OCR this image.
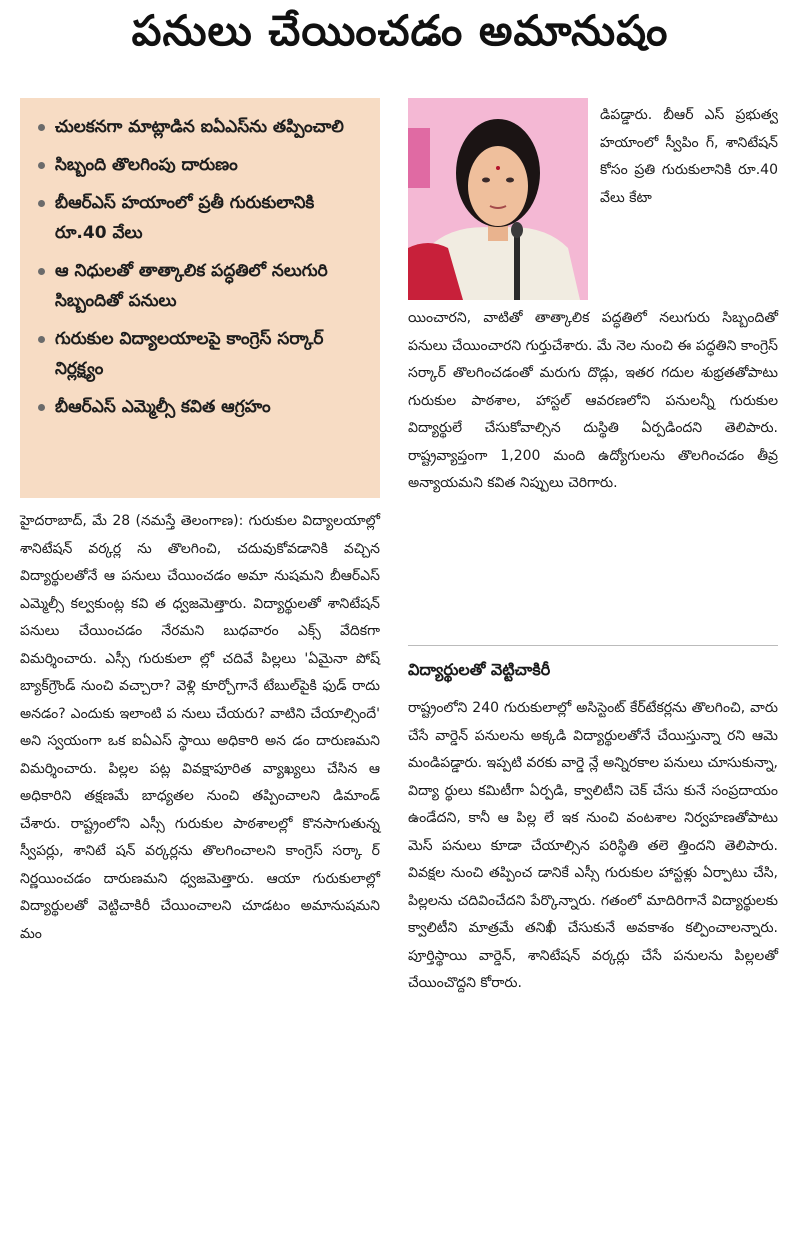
పనులు చేయించడం అమానుషం
చులకనగా మాట్లాడిన ఐఏఎస్‌ను తప్పించాలి
సిబ్బంది తొలగింపు దారుణం
బీఆర్ఎస్ హయాంలో ప్రతీ గురుకులానికి రూ.40 వేలు
ఆ నిధులతో తాత్కాలిక పద్ధతిలో నలుగురి సిబ్బందితో పనులు
గురుకుల విద్యాలయాలపై కాంగ్రెస్ సర్కార్ నిర్లక్ష్యం
బీఆర్ఎస్ ఎమ్మెల్సీ కవిత ఆగ్రహం

డిపడ్డారు. బీఆర్ ఎస్ ప్రభుత్వ హయాంలో స్వీపిం గ్, శానిటేషన్ కోసం ప్రతి గురుకులానికి రూ.40 వేలు కేటా

యించారని, వాటితో తాత్కాలిక పద్ధతిలో నలుగురు సిబ్బందితో పనులు చేయించారని గుర్తుచేశారు. మే నెల నుంచి ఈ పద్ధతిని కాంగ్రెస్ సర్కార్ తొలగించడంతో మరుగు దొడ్లు, ఇతర గదుల శుభ్రతతోపాటు గురుకుల పాఠశాల, హాస్టల్ ఆవరణలోని పనులన్నీ గురుకుల విద్యార్థులే చేసుకోవాల్సిన దుస్థితి ఏర్పడిందని తెలిపారు. రాష్ట్రవ్యాప్తంగా 1,200 మంది ఉద్యోగులను తొలగించడం తీవ్ర అన్యాయమని కవిత నిప్పులు చెరిగారు.

విద్యార్థులతో వెట్టిచాకిరీ

రాష్ట్రంలోని 240 గురుకులాల్లో అసిస్టెంట్ కేర్‌టేకర్లను తొలగించి, వారు చేసే వార్డెన్ పనులను అక్కడి విద్యార్థులతోనే చేయిస్తున్నా రని ఆమె మండిపడ్డారు. ఇప్పటి వరకు వార్డె న్లే అన్నిరకాల పనులు చూసుకున్నా, విద్యా ర్థులు కమిటీగా ఏర్పడి, క్వాలిటీని చెక్ చేసు కునే సంప్రదాయం ఉండేదని, కానీ ఆ పిల్ల లే ఇక నుంచి వంటశాల నిర్వహణతోపాటు మెస్ పనులు కూడా చేయాల్సిన పరిస్థితి తలె త్తిందని తెలిపారు. వివక్షల నుంచి తప్పించ డానికే ఎస్సీ గురుకుల హాస్టళ్లు ఏర్పాటు చేసి, పిల్లలను చదివించేదని పేర్కొన్నారు. గతంలో మాదిరిగానే విద్యార్థులకు క్వాలిటీని మాత్రమే తనిఖీ చేసుకునే అవకాశం కల్పించాలన్నారు. పూర్తిస్థాయి వార్డెన్, శానిటేషన్ వర్కర్లు చేసే పనులను పిల్లలతో చేయించొద్దని కోరారు.

హైదరాబాద్, మే 28 (నమస్తే తెలంగాణ): గురుకుల విద్యాలయాల్లో శానిటేషన్ వర్కర్ల ను తొలగించి, చదువుకోవడానికి వచ్చిన విద్యార్థులతోనే ఆ పనులు చేయించడం అమా నుషమని బీఆర్ఎస్ ఎమ్మెల్సీ కల్వకుంట్ల కవి త ధ్వజమెత్తారు. విద్యార్థులతో శానిటేషన్ పనులు చేయించడం నేరమని బుధవారం ఎక్స్ వేదికగా విమర్శించారు. ఎస్సీ గురుకులా ల్లో చదివే పిల్లలు 'ఏమైనా పోష్ బ్యాక్‌గ్రౌండ్ నుంచి వచ్చారా? వెళ్లి కూర్చోగానే టేబుల్‌పైకి ఫుడ్ రాదు అనడం? ఎందుకు ఇలాంటి ప నులు చేయరు? వాటిని చేయాల్సిందే' అని స్వయంగా ఒక ఐఏఎస్ స్థాయి అధికారి అన డం దారుణమని విమర్శించారు. పిల్లల పట్ల వివక్షాపూరిత వ్యాఖ్యలు చేసిన ఆ అధికారిని తక్షణమే బాధ్యతల నుంచి తప్పించాలని డిమాండ్ చేశారు. రాష్ట్రంలోని ఎస్సీ గురుకుల పాఠశాలల్లో కొనసాగుతున్న స్వీపర్లు, శానిటే షన్ వర్కర్లను తొలగించాలని కాంగ్రెస్ సర్కా ర్ నిర్ణయించడం దారుణమని ధ్వజమెత్తారు. ఆయా గురుకులాల్లో విద్యార్థులతో వెట్టిచాకిరీ చేయించాలని చూడటం అమానుషమని మం
